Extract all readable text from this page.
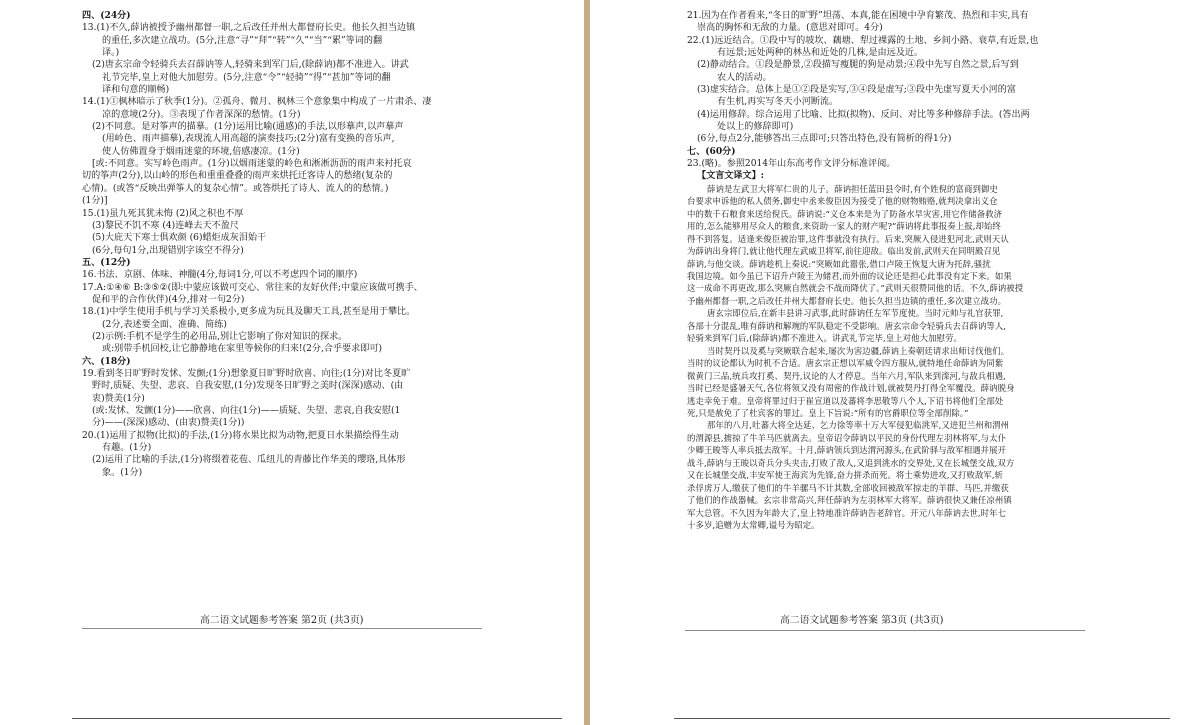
四、(24分)
13.(1)不久,薛讷被授予幽州都督一职,之后改任并州大都督府长史。他长久担当边镇
的重任,多次建立战功。(5分,注意“寻”“拜”“转”“久”“当”“累”等词的翻
译。)
(2)唐玄宗命令轻骑兵去召薛讷等人,轻骑来到军门后,(除薛讷)都不准进入。讲武
礼节完毕,皇上对他大加慰劳。(5分,注意“令”“轻骑”“得”“甚加”等词的翻
译和句意的顺畅)
14.(1)①枫林暗示了秋季(1分)。②孤舟、微月、枫林三个意象集中构成了一片肃杀、凄
凉的意境(2分)。③表现了作者深深的愁情。(1分)
(2)不同意。是对筝声的描摹。(1分)运用比喻(通感)的手法,以形摹声,以声摹声
(用岭色、雨声描摹),表现流人用高超的演奏技巧;(2分)富有变换的音乐声,
使人仿佛置身于烟雨迷蒙的环境,倍感凄凉。(1分)
[或:不同意。实写岭色雨声。(1分)以烟雨迷蒙的岭色和淅淅沥沥的雨声来衬托哀
切的筝声(2分),以山岭的形色和重重叠叠的雨声来烘托迁客诗人的愁绪(复杂的
心情)。(或答“反映出弹筝人的复杂心情”。或答烘托了诗人、流人的的愁情。)
(1分)]
15.(1)虽九死其犹未悔 (2)风之积也不厚
(3)黎民不饥不寒 (4)连峰去天不盈尺
(5)大庇天下寒士俱欢颜 (6)蜡炬成灰泪始干
(6分,每句1分,出现错别字该空不得分)
五、(12分)
16.书法、京剧、体味、神髓(4分,每词1分,可以不考虑四个词的顺序)
17.A:①④⑥ B:③⑤②(即:中蒙应该做可交心、常往来的友好伙伴;中蒙应该做可携手、
促和平的合作伙伴)(4分,排对一句2分)
18.(1)中学生使用手机与学习关系极小,更多成为玩具及聊天工具,甚至是用于攀比。
(2分,表述要全面、准确、简练)
(2)示例:手机不是学生的必用品,别让它影响了你对知识的探求。
或:别带手机回校,让它静静地在家里等候你的归来!(2分,合乎要求即可)
六、(18分)
19.看到冬日旷野时发怵、发颤;(1分)想象夏日旷野时欣喜、向往;(1分)对比冬夏旷
野时,质疑、失望、悲哀、自我安慰,(1分)发现冬日旷野之美时(深深)感动、(由
衷)赞美(1分)
(或:发怵、发颤(1分)——欣喜、向往(1分)——质疑、失望、悲哀,自我安慰(1
分)——(深深)感动、(由衷)赞美(1分))
20.(1)运用了拟物(比拟)的手法,(1分)将水果比拟为动物,把夏日水果描绘得生动
有趣。(1分)
(2)运用了比喻的手法,(1分)将缀着花苞、瓜纽儿的青藤比作华美的璎珞,具体形
象。(1分)
高二语文试题参考答案 第2页 (共3页)
21.因为在作者看来,“冬日的旷野”坦荡、本真,能在困境中孕育繁茂、热烈和丰实,具有
崇高的胸怀和无敌的力量。(意思对即可。4分)
22.(1)远近结合。①段中写的坡坎、藕塘、犁过裸露的土地、乡间小路、衰草,有近景,也
有远景;远处两种的林丛和近处的几株,是由远及近。
(2)静动结合。①段是静景,②段描写瘦腿的狗是动景;④段中先写自然之景,后写到
农人的活动。
(3)虚实结合。总体上是①②段是实写,③④段是虚写;③段中先虚写夏天小河的富
有生机,再实写冬天小河断流。
(4)运用修辞。综合运用了比喻、比拟(拟物)、反问、对比等多种修辞手法。(答出两
处以上的修辞即可)
(6分,每点2分,能够答出三点即可;只答出特色,没有简析的得1分)
七、(60分)
23.(略)。参照2014年山东高考作文评分标准评阅。
【文言文译文】:
薛讷是左武卫大将军仁贵的儿子。薛讷担任蓝田县令时,有个姓倪的富商到御史
台要求申诉他的私人债务,御史中丞来俊臣因为接受了他的财物贿赂,就判决拿出义仓
中的数千石粮食来送给倪氏。薛讷说:“义仓本来是为了防备水旱灾害,用它作储备救济
用的,怎么能够用尽众人的粮食,来资助一家人的财产呢?”薛讷将此事报奏上报,却始终
得不到答复。适逢来俊臣被治罪,这件事就没有执行。后来,突厥入侵进犯河北,武则天认
为薛讷出身将门,就让他代理左武威卫将军,前往迎敌。临出发前,武则天在同明殿召见
薛讷,与他交谈。薛讷趁机上奏说:“突厥如此嚣张,借口卢陵王恢复大唐为托辞,骚扰
我国边境。如今虽已下诏升卢陵王为储君,而外面的议论还是担心此事没有定下来。如果
这一成命不再更改,那么突厥自然就会不战而降伏了。”武则天很赞同他的话。不久,薛讷被授
予幽州都督一职,之后改任并州大都督府长史。他长久担当边镇的重任,多次建立战功。
唐玄宗即位后,在新丰县讲习武事,此时薛讷任左军节度使。当时元帅与礼官获罪,
各部十分混乱,唯有薛讷和解琬的军队稳定不受影响。唐玄宗命令轻骑兵去召薛讷等人,
轻骑来到军门后,(除薛讷)都不准进入。讲武礼节完毕,皇上对他大加慰劳。
当时契丹以及奚与突厥联合起来,屡次为害边疆,薛讷上奏朝廷请求出师讨伐他们。
当时的议论都认为时机不合适。唐玄宗正想以军威令四方服从,就特地任命薛讷为同紫
微黄门三品,统兵攻打奚、契丹,议论的人才停息。当年六月,军队来到滦河,与敌兵相遇,
当时已经是盛暑天气,各位将领又没有周密的作战计划,就被契丹打得全军覆没。薛讷脱身
逃走幸免于难。皇帝将罪过归于崔宣道以及蕃将李思敬等八个人,下诏书将他们全部处
死,只是赦免了了杜宾客的罪过。皇上下旨说:“所有的官爵职位等全部削除。”
那年的八月,吐蕃大将全达延、乞力徐等率十万大军侵犯临洮军,又进犯兰州和渭州
的渭源县,掳掠了牛羊马匹就离去。皇帝诏令薛讷以平民的身份代理左羽林将军,与太仆
少卿王晙等人率兵抵去敌军。十月,薛讷领兵到达渭河源头,在武阶驿与敌军相遇并展开
战斗,薛讷与王晙以奇兵分头夹击,打败了敌人,又追到洮水的交界处,又在长城堡交战,双方
又在长城堡交战,丰安军使王海宾为先锋,奋力拼杀而死。将士乘势进攻,又打败敌军,斩
杀俘虏万人,缴获了他们的牛羊骡马不计其数,全部收回被敌军掠走的羊群、马匹,并缴获
了他们的作战器械。玄宗非常高兴,拜任薛讷为左羽林军大将军。薛讷很快又兼任凉州镇
军大总管。不久因为年龄大了,皇上特地准许薛讷告老辞官。开元八年薛讷去世,时年七
十多岁,追赠为太常卿,谥号为昭定。
高二语文试题参考答案 第3页 (共3页)
